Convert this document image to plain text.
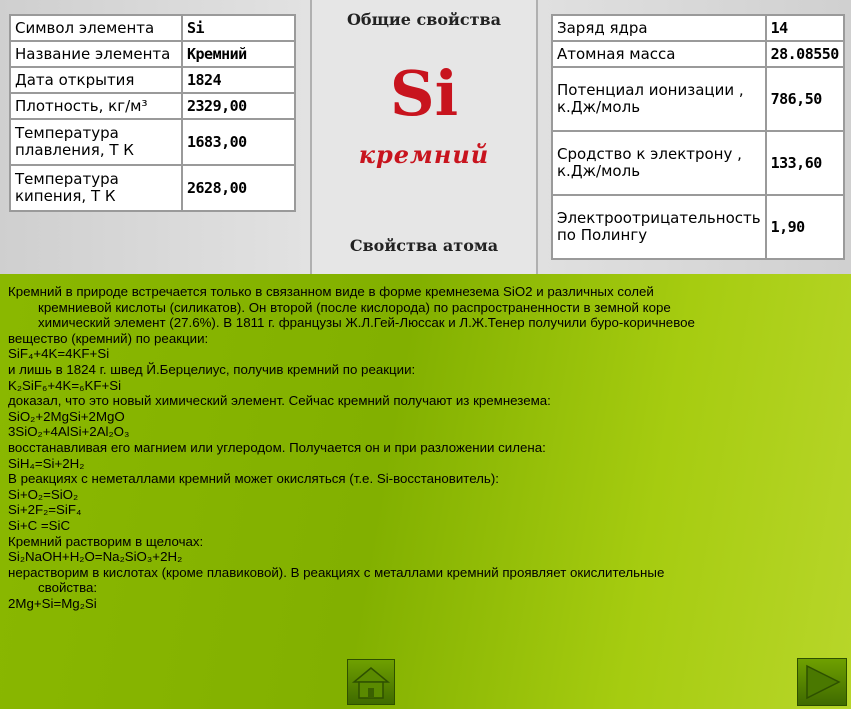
Символ элемента	Si
Название элемента	Кремний
Дата открытия	1824
Плотность, кг/м³	2329,00
Температура плавления, Т К	1683,00
Температура кипения, Т К	2628,00
Общие свойства
Si
кремний
Свойства атома
Заряд ядра	14
Атомная масса	28.08550
Потенциал ионизации , к.Дж/моль	786,50
Сродство к электрону , к.Дж/моль	133,60
Электроотрицательность по Полингу	1,90

Кремний в природе встречается только в связанном виде в форме кремнезема SiO2 и различных солей

кремниевой кислоты (силикатов). Он второй (после кислорода) по распространенности в земной коре

химический элемент (27.6%). В 1811 г. французы Ж.Л.Гей-Люссак и Л.Ж.Тенер получили буро-коричневое

вещество (кремний) по реакции:

SiF₄+4K=4KF+Si

и лишь в 1824 г. швед Й.Берцелиус, получив кремний по реакции:

K₂SiF₆+4K=₆KF+Si

доказал, что это новый химический элемент. Сейчас кремний получают из кремнезема:

SiO₂+2MgSi+2MgO

3SiO₂+4AlSi+2Al₂O₃

восстанавливая его магнием или углеродом. Получается он и при разложении силена:

SiH₄=Si+2H₂

В реакциях с неметаллами кремний может окисляться (т.е. Si-восстановитель):

Si+O₂=SiO₂

Si+2F₂=SiF₄

Si+C =SiC

Кремний растворим в щелочах:

Si₂NaOH+H₂O=Na₂SiO₃+2H₂

нерастворим в кислотах (кроме плавиковой). В реакциях с металлами кремний проявляет окислительные

свойства:

2Mg+Si=Mg₂Si
